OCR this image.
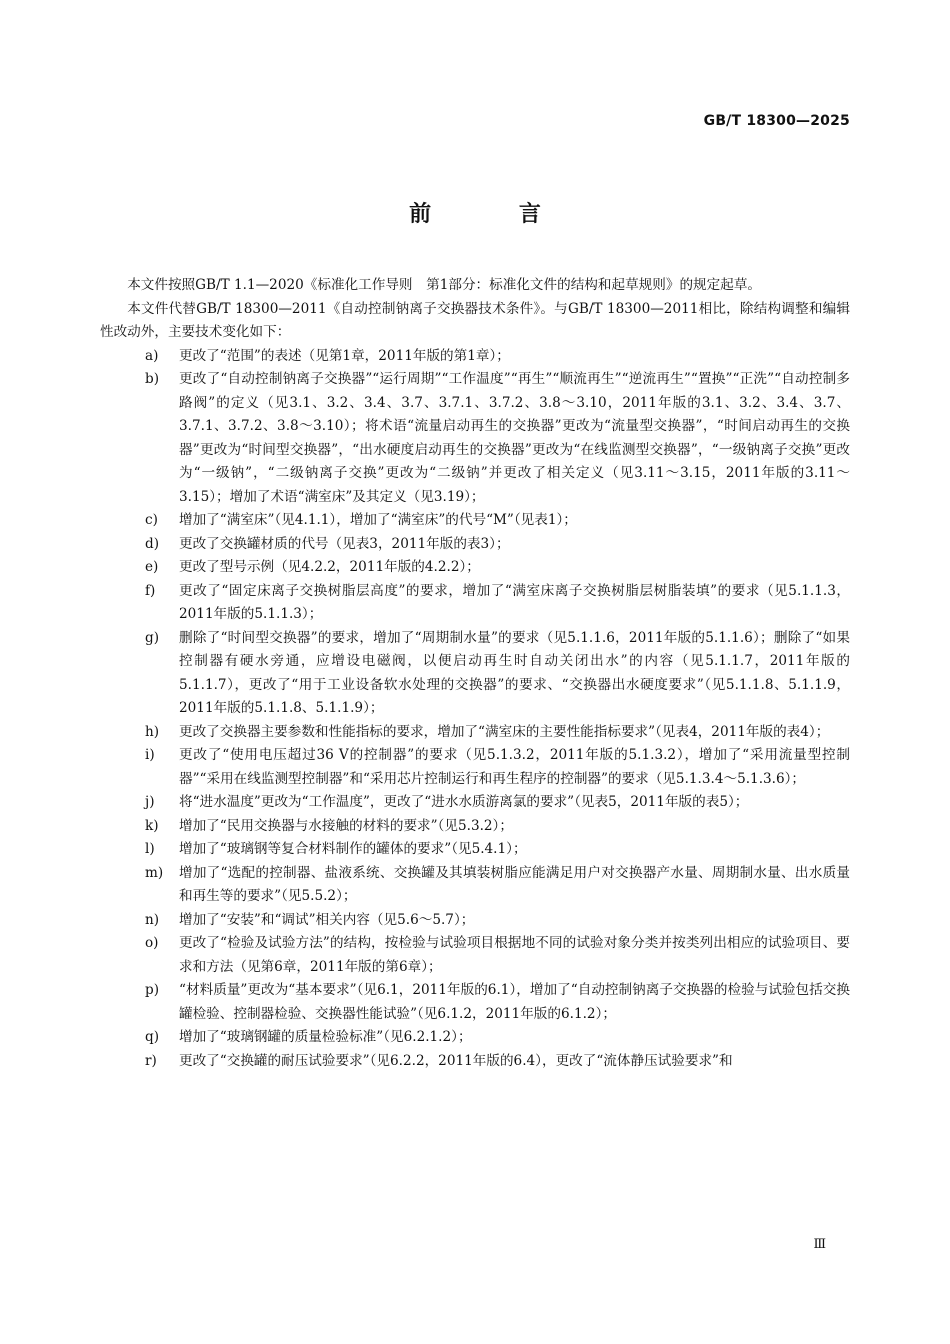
GB/T 18300—2025
前 言

本文件按照GB/T 1.1—2020《标准化工作导则　第1部分：标准化文件的结构和起草规则》的规定起草。

本文件代替GB/T 18300—2011《自动控制钠离子交换器技术条件》。与GB/T 18300—2011相比，除结构调整和编辑性改动外，主要技术变化如下：

a)	更改了“范围”的表述（见第1章，2011年版的第1章）；
b)	更改了“自动控制钠离子交换器”“运行周期”“工作温度”“再生”“顺流再生”“逆流再生”“置换”“正洗”“自动控制多路阀”的定义（见3.1、3.2、3.4、3.7、3.7.1、3.7.2、3.8～3.10，2011年版的3.1、3.2、3.4、3.7、3.7.1、3.7.2、3.8～3.10）；将术语“流量启动再生的交换器”更改为“流量型交换器”，“时间启动再生的交换器”更改为“时间型交换器”，“出水硬度启动再生的交换器”更改为“在线监测型交换器”，“一级钠离子交换”更改为“一级钠”，“二级钠离子交换”更改为“二级钠”并更改了相关定义（见3.11～3.15，2011年版的3.11～3.15）；增加了术语“满室床”及其定义（见3.19）；
c)	增加了“满室床”（见4.1.1），增加了“满室床”的代号“M”（见表1）；
d)	更改了交换罐材质的代号（见表3，2011年版的表3）；
e)	更改了型号示例（见4.2.2，2011年版的4.2.2）；
f)	更改了“固定床离子交换树脂层高度”的要求，增加了“满室床离子交换树脂层树脂装填”的要求（见5.1.1.3，2011年版的5.1.1.3）；
g)	删除了“时间型交换器”的要求，增加了“周期制水量”的要求（见5.1.1.6，2011年版的5.1.1.6）；删除了“如果控制器有硬水旁通，应增设电磁阀，以便启动再生时自动关闭出水”的内容（见5.1.1.7，2011年版的5.1.1.7），更改了“用于工业设备软水处理的交换器”的要求、“交换器出水硬度要求”（见5.1.1.8、5.1.1.9，2011年版的5.1.1.8、5.1.1.9）；
h)	更改了交换器主要参数和性能指标的要求，增加了“满室床的主要性能指标要求”（见表4，2011年版的表4）；
i)	更改了“使用电压超过36 V的控制器”的要求（见5.1.3.2，2011年版的5.1.3.2），增加了“采用流量型控制器”“采用在线监测型控制器”和“采用芯片控制运行和再生程序的控制器”的要求（见5.1.3.4～5.1.3.6）；
j)	将“进水温度”更改为“工作温度”，更改了“进水水质游离氯的要求”（见表5，2011年版的表5）；
k)	增加了“民用交换器与水接触的材料的要求”（见5.3.2）；
l)	增加了“玻璃钢等复合材料制作的罐体的要求”（见5.4.1）；
m)	增加了“选配的控制器、盐液系统、交换罐及其填装树脂应能满足用户对交换器产水量、周期制水量、出水质量和再生等的要求”（见5.5.2）；
n)	增加了“安装”和“调试”相关内容（见5.6～5.7）；
o)	更改了“检验及试验方法”的结构，按检验与试验项目根据地不同的试验对象分类并按类列出相应的试验项目、要求和方法（见第6章，2011年版的第6章）；
p)	“材料质量”更改为“基本要求”（见6.1，2011年版的6.1），增加了“自动控制钠离子交换器的检验与试验包括交换罐检验、控制器检验、交换器性能试验”（见6.1.2，2011年版的6.1.2）；
q)	增加了“玻璃钢罐的质量检验标准”（见6.2.1.2）；
r)	更改了“交换罐的耐压试验要求”（见6.2.2，2011年版的6.4），更改了“流体静压试验要求”和
Ⅲ
